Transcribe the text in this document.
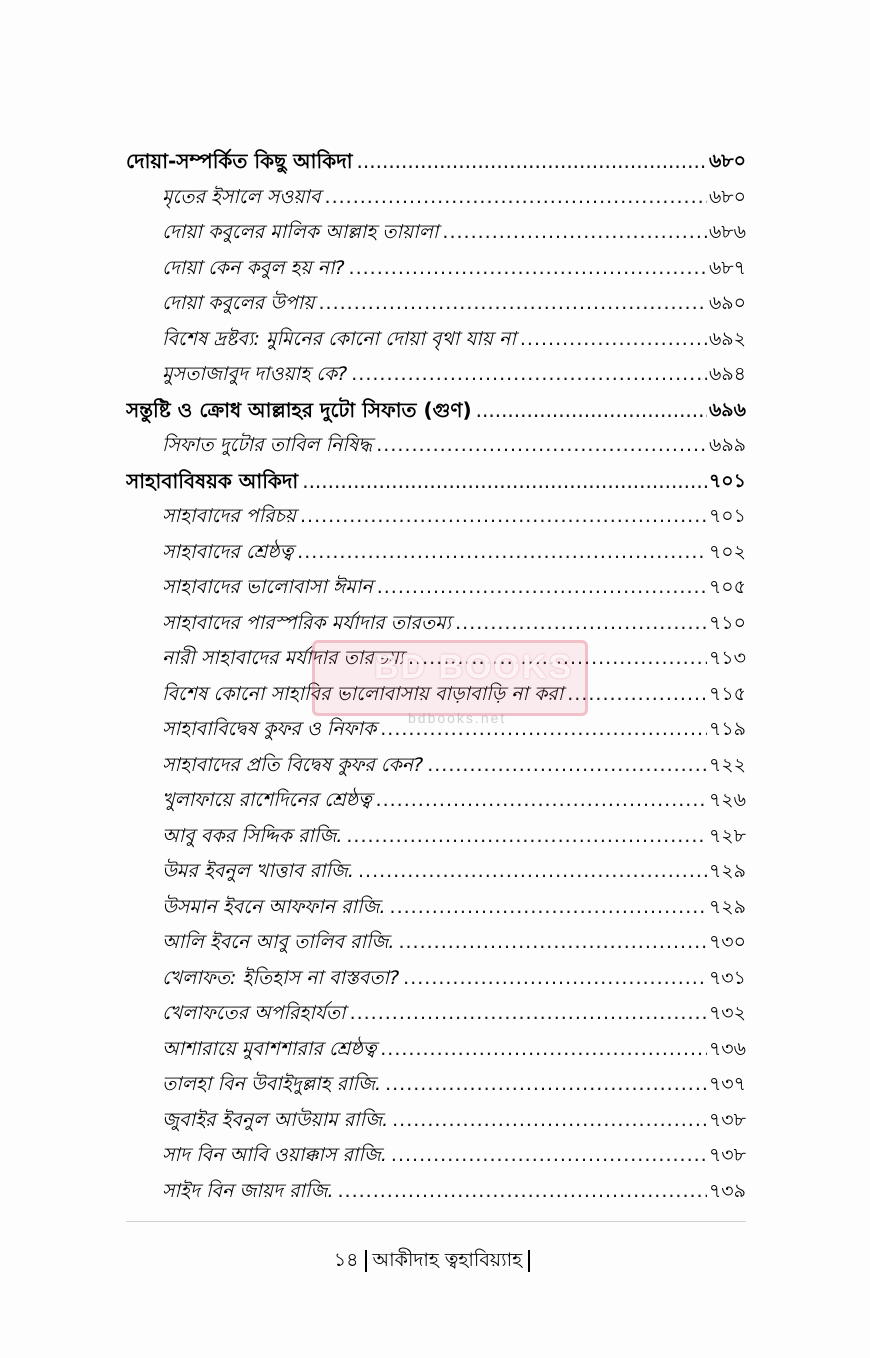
দোয়া-সম্পর্কিত কিছু আকিদা .....	৬৮০
মৃতের ইসালে সওয়াব .....	৬৮০
দোয়া কবুলের মালিক আল্লাহ তায়ালা .....	৬৮৬
দোয়া কেন কবুল হয় না? .....	৬৮৭
দোয়া কবুলের উপায় .....	৬৯০
বিশেষ দ্রষ্টব্য: মুমিনের কোনো দোয়া বৃথা যায় না .....	৬৯২
মুসতাজাবুদ দাওয়াহ কে? .....	৬৯৪
সন্তুষ্টি ও ক্রোধ আল্লাহর দুটো সিফাত (গুণ) .....	৬৯৬
সিফাত দুটোর তাবিল নিষিদ্ধ .....	৬৯৯
সাহাবাবিষয়ক আকিদা .....	৭০১
সাহাবাদের পরিচয় .....	৭০১
সাহাবাদের শ্রেষ্ঠত্ব .....	৭০২
সাহাবাদের ভালোবাসা ঈমান .....	৭০৫
সাহাবাদের পারস্পরিক মর্যাদার তারতম্য .....	৭১০
নারী সাহাবাদের মর্যাদার তারতম্য .....	৭১৩
বিশেষ কোনো সাহাবির ভালোবাসায় বাড়াবাড়ি না করা .....	৭১৫
সাহাবাবিদ্বেষ কুফর ও নিফাক .....	৭১৯
সাহাবাদের প্রতি বিদ্বেষ কুফর কেন? .....	৭২২
খুলাফায়ে রাশেদিনের শ্রেষ্ঠত্ব .....	৭২৬
আবু বকর সিদ্দিক রাজি. .....	৭২৮
উমর ইবনুল খাত্তাব রাজি. .....	৭২৯
উসমান ইবনে আফফান রাজি. .....	৭২৯
আলি ইবনে আবু তালিব রাজি. .....	৭৩০
খেলাফত: ইতিহাস না বাস্তবতা? .....	৭৩১
খেলাফতের অপরিহার্যতা .....	৭৩২
আশারায়ে মুবাশশারার শ্রেষ্ঠত্ব .....	৭৩৬
তালহা বিন উবাইদুল্লাহ রাজি. .....	৭৩৭
জুবাইর ইবনুল আউয়াম রাজি. .....	৭৩৮
সাদ বিন আবি ওয়াক্কাস রাজি. .....	৭৩৮
সাইদ বিন জায়দ রাজি. .....	৭৩৯
১৪ আকীদাহ ত্বহাবিয়্যাহ
BD BOOKS
bdbooks.net
